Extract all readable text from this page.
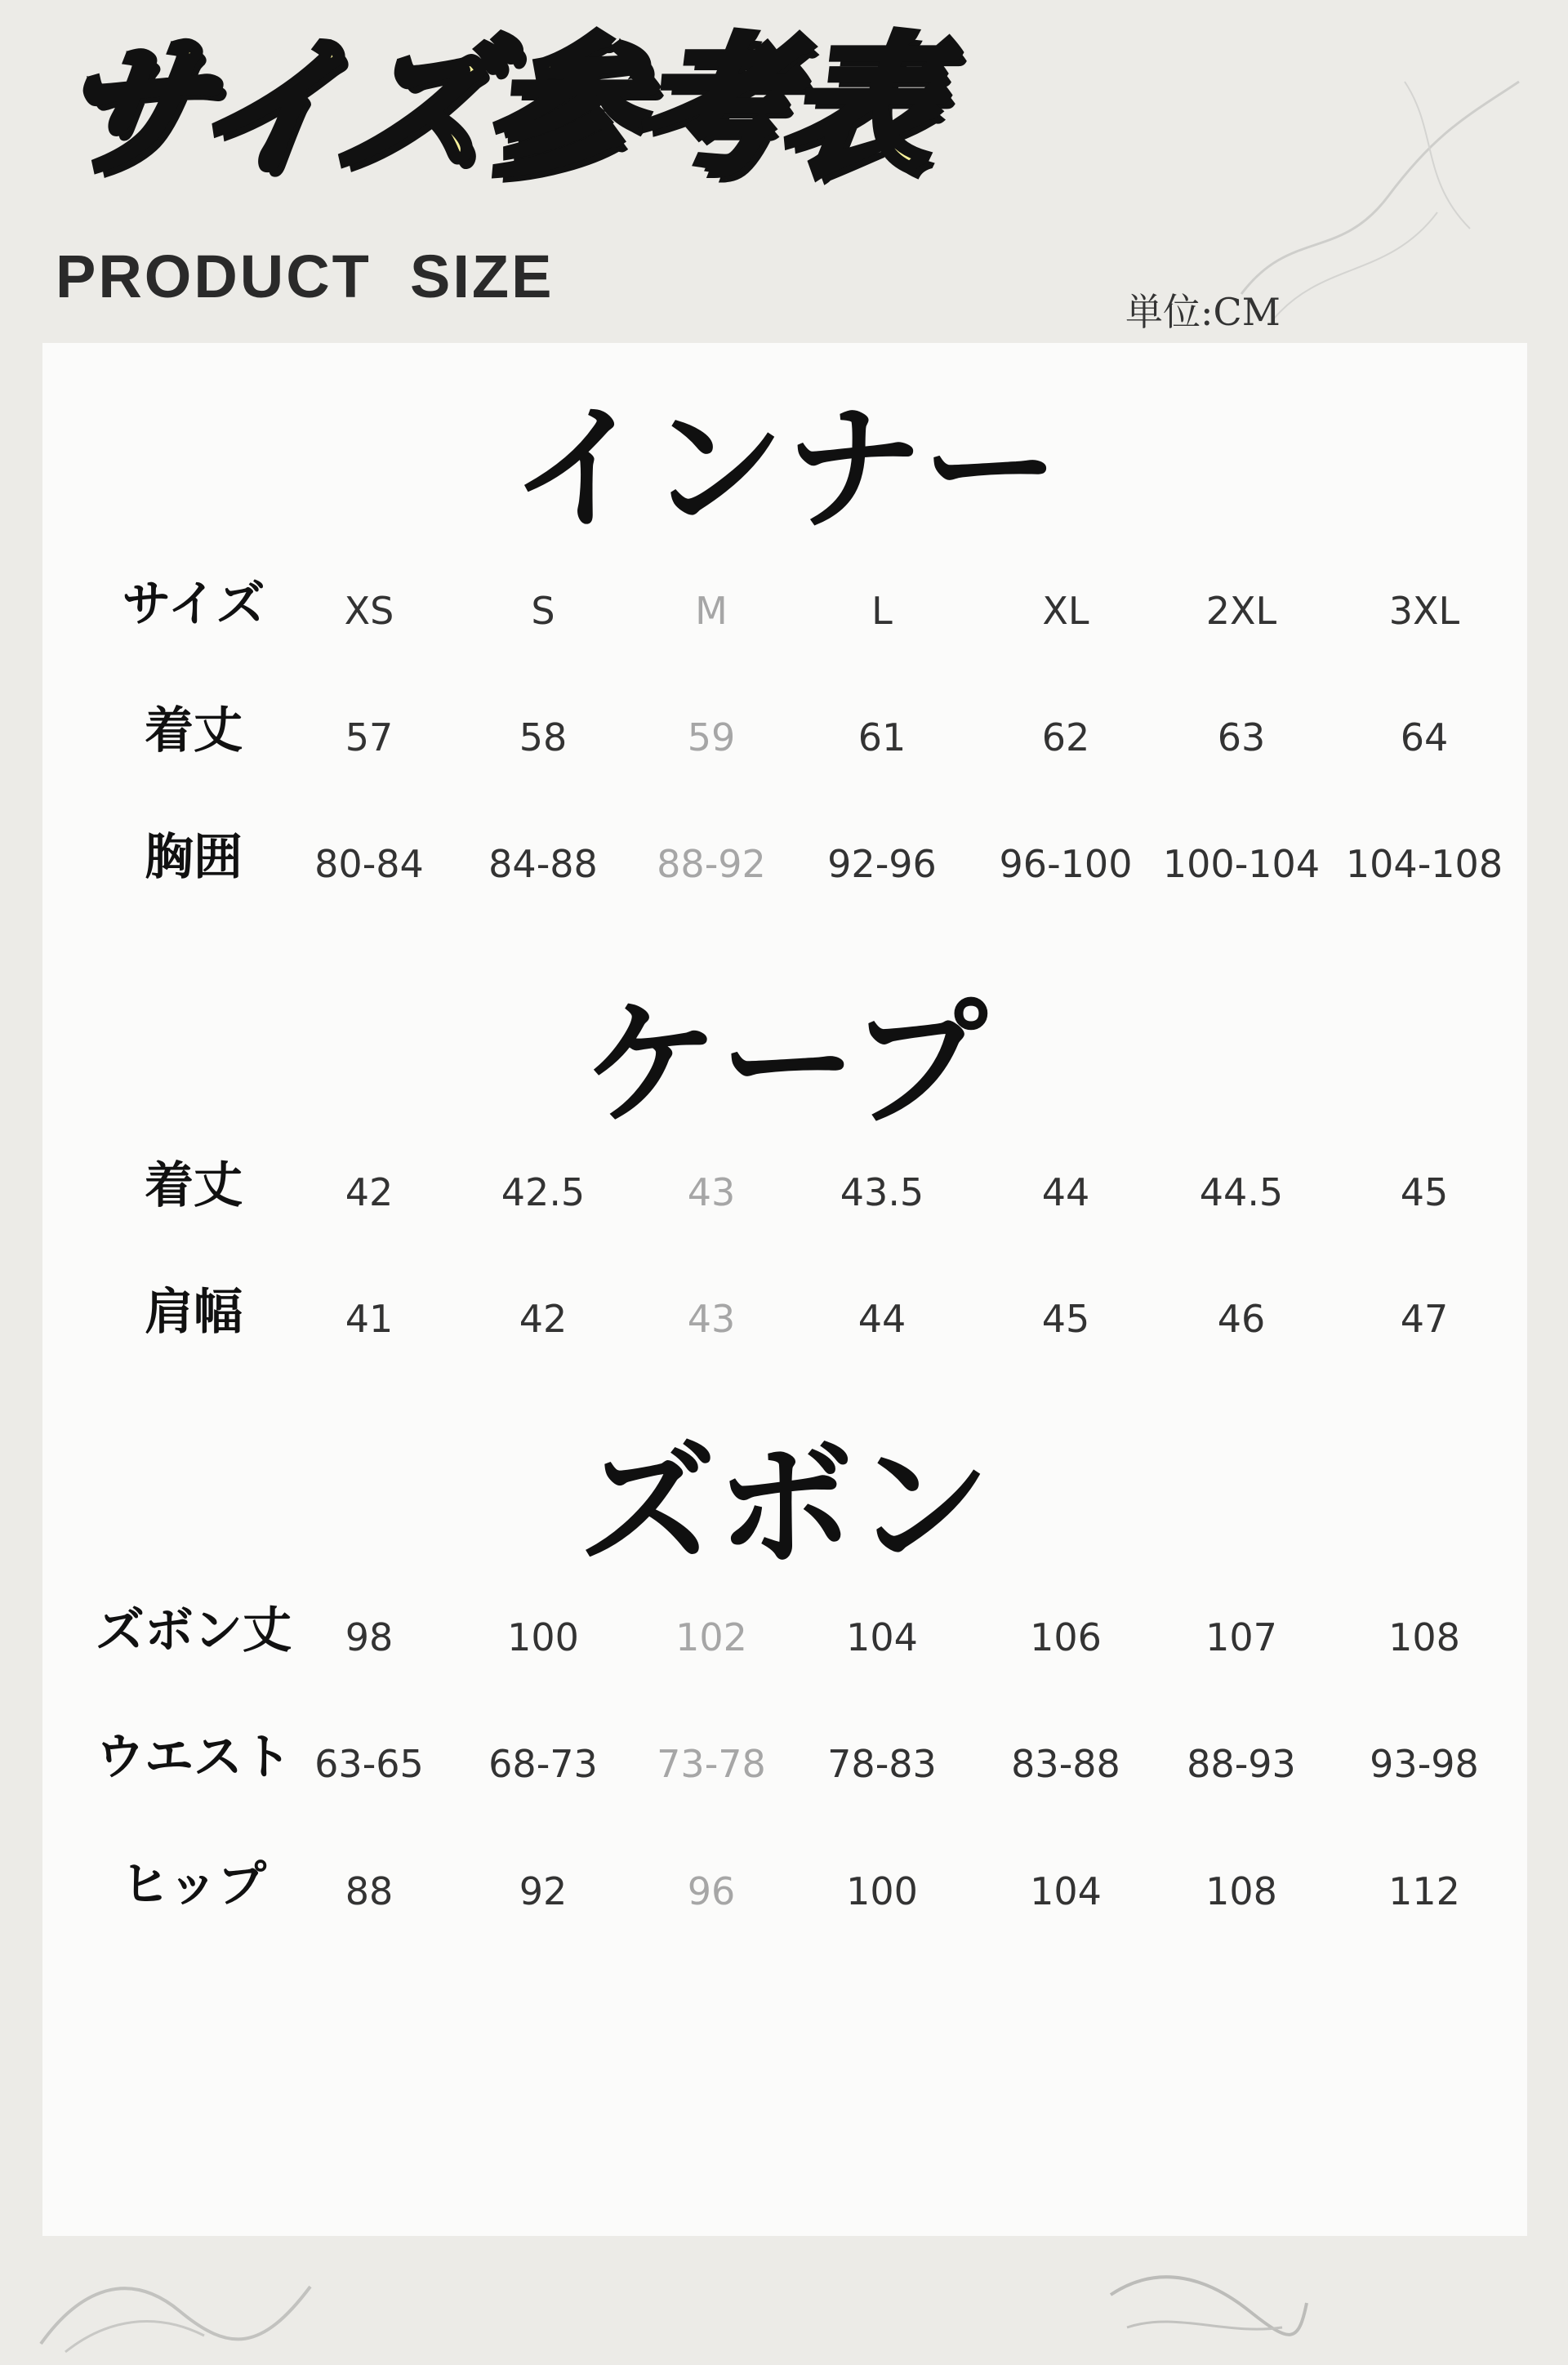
サイズ参考表
PRODUCT  SIZE
単位:CM
インナー
サイズ	XS	S	M	L	XL	2XL	3XL
着丈	57	58	59	61	62	63	64
胸囲	80-84	84-88	88-92	92-96	96-100 100-104 104-108
ケープ
着丈	42	42.5	43	43.5	44	44.5	45
肩幅	41	42	43	44	45	46	47
ズボン
ズボン丈	98	100	102	104	106	107	108
ウエスト 63-65	68-73	73-78	78-83	83-88	88-93	93-98
ヒップ	88	92	96	100	104	108	112
